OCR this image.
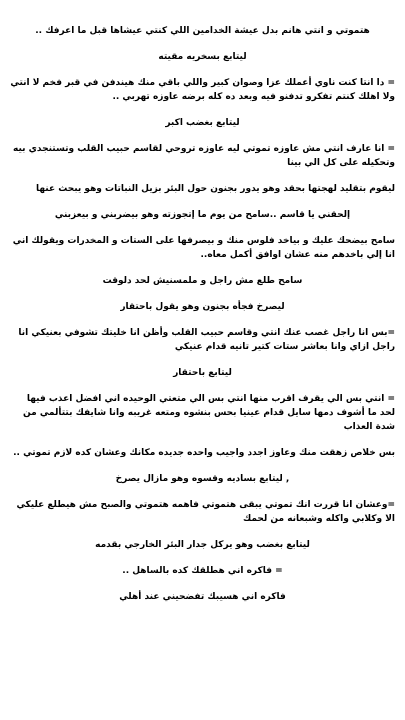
هتموتي و انتي هانم بدل عيشة الخدامين اللي كنتي عيشاها قبل ما اعرفك ..

ليتابع بسخريه مقيته

= دا انتا كنت ناوي أعملك عزا وصوان كبير واللي باقي منك هيندفن في قبر فخم لا انتي ولا اهلك كنتم تفكرو تدفنو فيه وبعد ده كله برضه عاوزه تهربي ..

ليتابع بغضب اكبر

= انا عارف انتي مش عاوزه تموتي ليه عاوزه تروحي لقاسم حبيب القلب وتستنجدي بيه وتحكيله على كل الي بينا

ليقوم بتقليد لهجتها بحقد وهو يدور بجنون حول البئر بزيل النباتات وهو يبحث عنها

إلحقني يا قاسم ..سامح من يوم ما إتجوزته وهو بيضربني و بيعزبني

سامح بيضحك عليك و بياخد فلوس منك و بيصرفها على الستات و المخدرات ويقولك اني انا إلي باخدهم منه عشان اوافق أكمل معاه..

سامح طلع مش راجل و ملمسنيش لحد دلوقت

ليصرخ فجأه بجنون وهو يقول باحتقار

=بس انا راجل غصب عنك انتي وقاسم حبيب القلب وأظن انا خليتك تشوفي بعنيكي انا راجل ازاي وانا بعاشر ستات كتير تانيه قدام عنيكي

ليتابع باحتقار

= انتي بس الي يقرف اقرب منها انتي بس الي متعتي الوحيده اني افضل اعذب فيها لحد ما أشوف دمها سايل قدام عينيا بحس بنشوه ومتعه غريبه وانا شايفك بتتألمي من شدة العذاب

بس خلاص زهقت منك وعاوز اجدد واجيب واحده جديده مكانك وعشان كده لازم تموتي ..

, ليتابع بساديه وقسوه وهو مازال يصرخ

=وعشان انا قررت انك تموتي يبقى هتموتي فاهمه هتموتي والصبح مش هيطلع عليكي الا وكلابي واكله وشبعانه من لحمك

ليتابع بغضب وهو يركل جدار البئر الخارجي بقدمه

= فاكره اني هطلقك كده بالساهل ..

فاكره اني هسيبك تفضحيني عند أهلي
